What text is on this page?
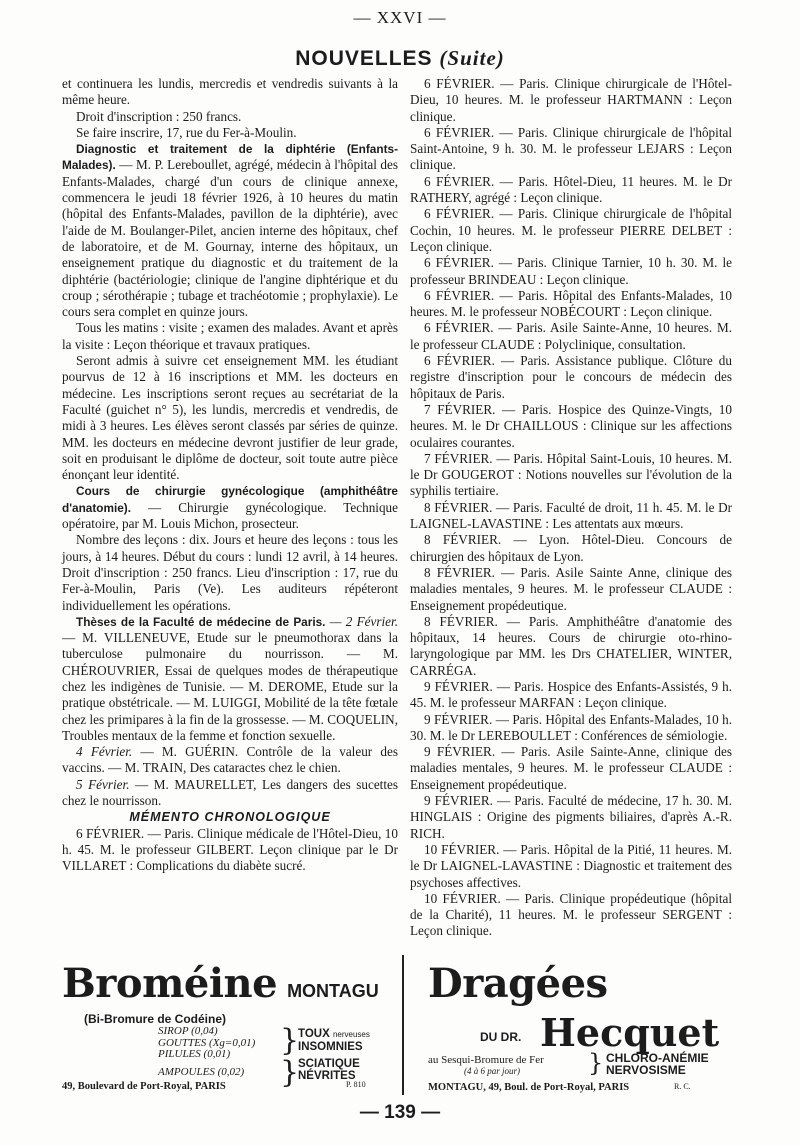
— XXVI —
NOUVELLES (Suite)

et continuera les lundis, mercredis et vendredis suivants à la même heure.

Droit d'inscription : 250 francs.

Se faire inscrire, 17, rue du Fer-à-Moulin.

Diagnostic et traitement de la diphtérie (Enfants-Malades). — M. P. Lereboullet, agrégé, médecin à l'hôpital des Enfants-Malades, chargé d'un cours de clinique annexe, commencera le jeudi 18 février 1926, à 10 heures du matin (hôpital des Enfants-Malades, pavillon de la diphtérie), avec l'aide de M. Boulanger-Pilet, ancien interne des hôpitaux, chef de laboratoire, et de M. Gournay, interne des hôpitaux, un enseignement pratique du diagnostic et du traitement de la diphtérie (bactériologie; clinique de l'angine diphtérique et du croup ; sérothérapie ; tubage et trachéotomie ; prophylaxie). Le cours sera complet en quinze jours.

Tous les matins : visite ; examen des malades. Avant et après la visite : Leçon théorique et travaux pratiques.

Seront admis à suivre cet enseignement MM. les étudiant pourvus de 12 à 16 inscriptions et MM. les docteurs en médecine. Les inscriptions seront reçues au secrétariat de la Faculté (guichet n° 5), les lundis, mercredis et vendredis, de midi à 3 heures. Les élèves seront classés par séries de quinze. MM. les docteurs en médecine devront justifier de leur grade, soit en produisant le diplôme de docteur, soit toute autre pièce énonçant leur identité.

Cours de chirurgie gynécologique (amphithéâtre d'anatomie). — Chirurgie gynécologique. Technique opératoire, par M. Louis Michon, prosecteur.

Nombre des leçons : dix. Jours et heure des leçons : tous les jours, à 14 heures. Début du cours : lundi 12 avril, à 14 heures. Droit d'inscription : 250 francs. Lieu d'inscription : 17, rue du Fer-à-Moulin, Paris (Ve). Les auditeurs répéteront individuellement les opérations.

Thèses de la Faculté de médecine de Paris. — 2 Février. — M. VILLENEUVE, Etude sur le pneumothorax dans la tuberculose pulmonaire du nourrisson. — M. CHÉROUVRIER, Essai de quelques modes de thérapeutique chez les indigènes de Tunisie. — M. DEROME, Etude sur la pratique obstétricale. — M. LUIGGI, Mobilité de la tête fœtale chez les primipares à la fin de la grossesse. — M. COQUELIN, Troubles mentaux de la femme et fonction sexuelle.

4 Février. — M. GUÉRIN. Contrôle de la valeur des vaccins. — M. TRAIN, Des cataractes chez le chien.

5 Février. — M. MAURELLET, Les dangers des sucettes chez le nourrisson.

MÉMENTO CHRONOLOGIQUE

6 FÉVRIER. — Paris. Clinique médicale de l'Hôtel-Dieu, 10 h. 45. M. le professeur GILBERT. Leçon clinique par le Dr VILLARET : Complications du diabète sucré.

6 FÉVRIER. — Paris. Clinique chirurgicale de l'Hôtel-Dieu, 10 heures. M. le professeur HARTMANN : Leçon clinique.

6 FÉVRIER. — Paris. Clinique chirurgicale de l'hôpital Saint-Antoine, 9 h. 30. M. le professeur LEJARS : Leçon clinique.

6 FÉVRIER. — Paris. Hôtel-Dieu, 11 heures. M. le Dr RATHERY, agrégé : Leçon clinique.

6 FÉVRIER. — Paris. Clinique chirurgicale de l'hôpital Cochin, 10 heures. M. le professeur PIERRE DELBET : Leçon clinique.

6 FÉVRIER. — Paris. Clinique Tarnier, 10 h. 30. M. le professeur BRINDEAU : Leçon clinique.

6 FÉVRIER. — Paris. Hôpital des Enfants-Malades, 10 heures. M. le professeur NOBÉCOURT : Leçon clinique.

6 FÉVRIER. — Paris. Asile Sainte-Anne, 10 heures. M. le professeur CLAUDE : Polyclinique, consultation.

6 FÉVRIER. — Paris. Assistance publique. Clôture du registre d'inscription pour le concours de médecin des hôpitaux de Paris.

7 FÉVRIER. — Paris. Hospice des Quinze-Vingts, 10 heures. M. le Dr CHAILLOUS : Clinique sur les affections oculaires courantes.

7 FÉVRIER. — Paris. Hôpital Saint-Louis, 10 heures. M. le Dr GOUGEROT : Notions nouvelles sur l'évolution de la syphilis tertiaire.

8 FÉVRIER. — Paris. Faculté de droit, 11 h. 45. M. le Dr LAIGNEL-LAVASTINE : Les attentats aux mœurs.

8 FÉVRIER. — Lyon. Hôtel-Dieu. Concours de chirurgien des hôpitaux de Lyon.

8 FÉVRIER. — Paris. Asile Sainte Anne, clinique des maladies mentales, 9 heures. M. le professeur CLAUDE : Enseignement propédeutique.

8 FÉVRIER. — Paris. Amphithéâtre d'anatomie des hôpitaux, 14 heures. Cours de chirurgie oto-rhino-laryngologique par MM. les Drs CHATELIER, WINTER, CARRÉGA.

9 FÉVRIER. — Paris. Hospice des Enfants-Assistés, 9 h. 45. M. le professeur MARFAN : Leçon clinique.

9 FÉVRIER. — Paris. Hôpital des Enfants-Malades, 10 h. 30. M. le Dr LEREBOULLET : Conférences de sémiologie.

9 FÉVRIER. — Paris. Asile Sainte-Anne, clinique des maladies mentales, 9 heures. M. le professeur CLAUDE : Enseignement propédeutique.

9 FÉVRIER. — Paris. Faculté de médecine, 17 h. 30. M. HINGLAIS : Origine des pigments biliaires, d'après A.-R. RICH.

10 FÉVRIER. — Paris. Hôpital de la Pitié, 11 heures. M. le Dr LAIGNEL-LAVASTINE : Diagnostic et traitement des psychoses affectives.

10 FÉVRIER. — Paris. Clinique propédeutique (hôpital de la Charité), 11 heures. M. le professeur SERGENT : Leçon clinique.

Broméine MONTAGU
(Bi-Bromure de Codéine)
SIROP (0,04)
GOUTTES (Xg=0,01)
PILULES (0,01)
AMPOULES (0,02)
}
}
TOUX nerveuses
INSOMNIES
SCIATIQUE
NÉVRITES
49, Boulevard de Port-Royal, PARIS	P. 810
Dragées
DU DR. Hecquet
au Sesqui-Bromure de Fer
(4 à 6 par jour)	} CHLORO-ANÉMIE
NERVOSISME
MONTAGU, 49, Boul. de Port-Royal, PARIS	R. C.
— 139 —
